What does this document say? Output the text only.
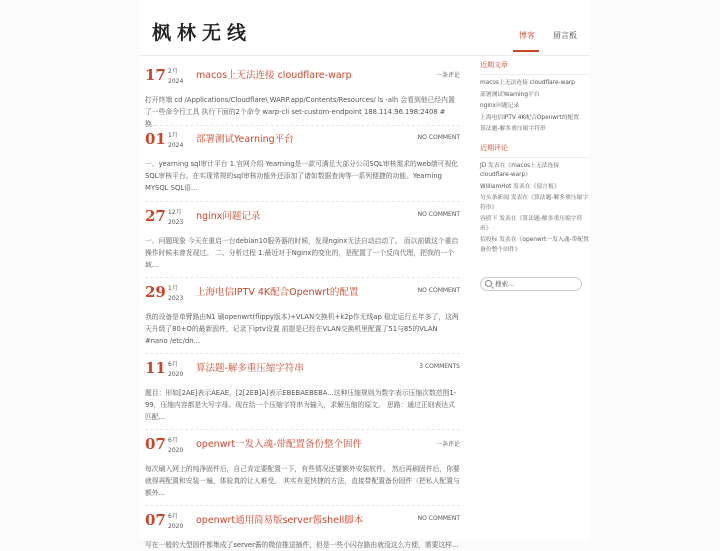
枫林无线	博客 留言板
17 2月
2024
macos上无法连接 cloudflare-warp	一条评论

打开终端 cd /Applications/Cloudflare\ WARP.app/Contents/Resources/ ls -alh 会看到他已经内置了一些命令行工具 执行下面的2个命令 warp-cli set-custom-endpoint 188.114.96.198:2408 # 换...

01 1月
2024
部署测试Yearning平台	NO COMMENT

一、yearning sql审计平台 1.官网介绍 Yearning是一款可满足大部分公司SQL审核需求的web端可视化SQL审核平台。在实现常规的sql审核功能外还添加了诸如数据查询等一系列便捷的功能。Yearning MYSQL SQL语...

27 12月
2023
nginx问题记录	NO COMMENT

一、问题现象 今天在重启一台debian10服务器的时候，发现nginx无法自动启动了。 而以前做这个重启操作时候未曾发现过。 二、分析过程 1.最近对于Nginx的变化的，是配置了一个反向代理，把我的一个域...

29 1月
2023
上海电信IPTV 4K配合Openwrt的配置	NO COMMENT

我的设备是单臂路由N1 刷openwrt(flippy版本)+VLAN交换机+k2p作无线ap 稳定运行五年多了，这两天升级了80+O的最新固件，记录下iptv设置 前提是已经在VLAN交换机里配置了51与85的VLAN #nano /etc/dn...

11 6月
2020
算法题-解多重压缩字符串	3 COMMENTS

题目：形如[2AE]表示AEAE，[2[2EB]A]表示EBEBAEBEBA...这种压缩规则为数字表示压缩次数范围1-99，压缩内容都是大写字母。现在给一个压缩字符串为输入，求解压缩的原文。 思路：通过正则表达式匹配...

07 6月
2020
openwrt一发入魂-带配置备份整个固件	一条评论

每次刷入网上的纯净固件后，自己肯定要配置一下，有些情况还要额外安装软件。 然后再刷固件后，你要就得再配置和安装一遍，体验真的让人难受。 其实有更快捷的方法，直接带配置备份固件（把私人配置与额外...

07 6月
2020
openwrt通用简易版server酱shell脚本	NO COMMENT

写在一般的大型固件都集成了server酱的微信推送插件，但是一些小闪存路由就没这么方便，需要这样...

近期文章
macos上无法连接 cloudflare-warp
部署测试Yearning平台
nginx问题记录
上海电信IPTV 4K配合Openwrt的配置
算法题-解多重压缩字符串
近期评论
JD 发表在《macos上无法连接 cloudflare-warp》
WilliamHot 发表在《留言板》
匀头条新闻 发表在《算法题-解多重压缩字符串》
容质下 发表在《算法题-解多重压缩字符串》
招投标 发表在《openwrt一发入魂-带配置备份整个固件》
搜索...
